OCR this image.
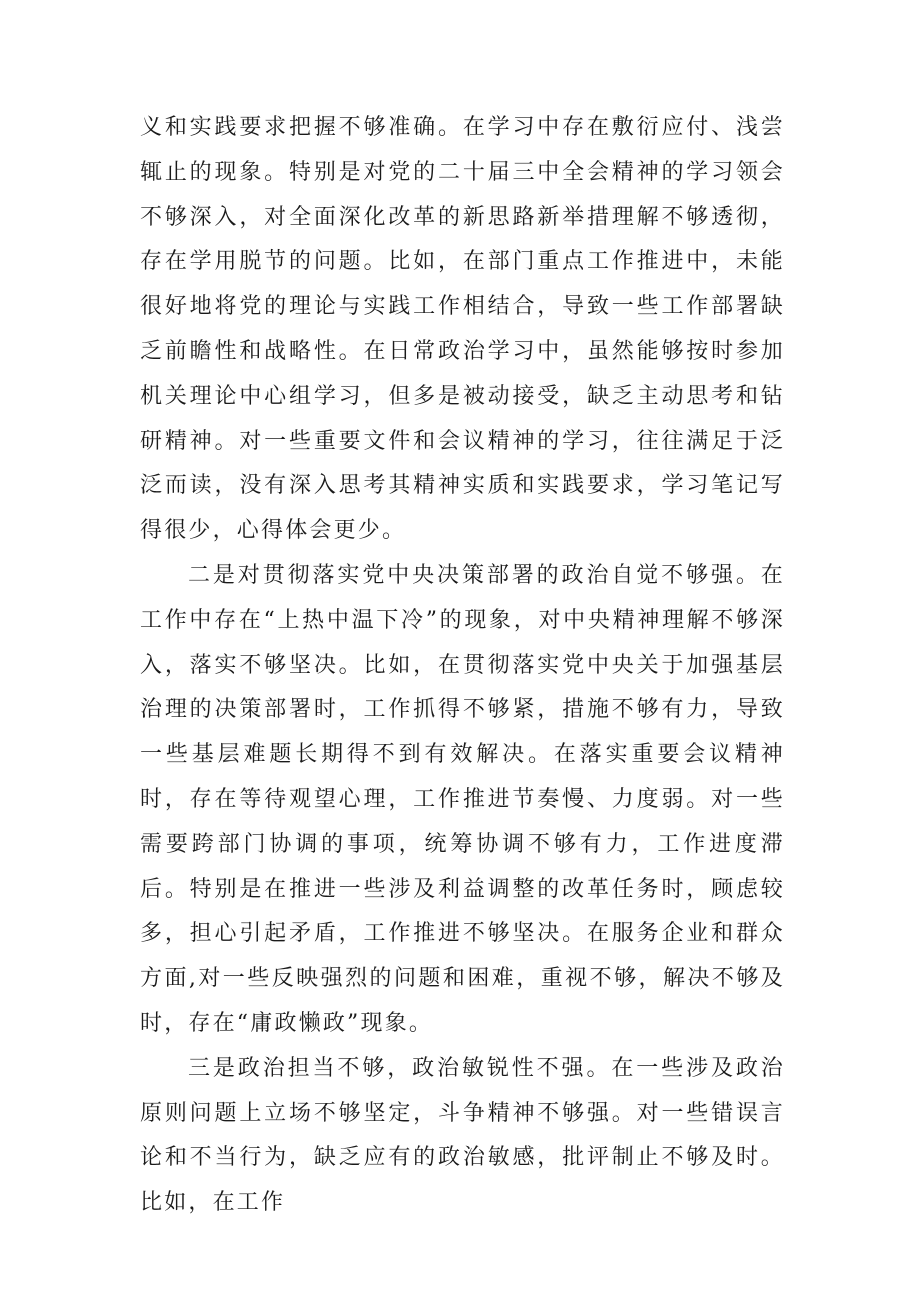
义和实践要求把握不够准确。在学习中存在敷衍应付、浅尝辄止的现象。特别是对党的二十届三中全会精神的学习领会不够深入，对全面深化改革的新思路新举措理解不够透彻，存在学用脱节的问题。比如，在部门重点工作推进中，未能很好地将党的理论与实践工作相结合，导致一些工作部署缺乏前瞻性和战略性。在日常政治学习中，虽然能够按时参加机关理论中心组学习，但多是被动接受，缺乏主动思考和钻研精神。对一些重要文件和会议精神的学习，往往满足于泛泛而读，没有深入思考其精神实质和实践要求，学习笔记写得很少，心得体会更少。

二是对贯彻落实党中央决策部署的政治自觉不够强。在工作中存在“上热中温下冷”的现象，对中央精神理解不够深入，落实不够坚决。比如，在贯彻落实党中央关于加强基层治理的决策部署时，工作抓得不够紧，措施不够有力，导致一些基层难题长期得不到有效解决。在落实重要会议精神时，存在等待观望心理，工作推进节奏慢、力度弱。对一些需要跨部门协调的事项，统筹协调不够有力，工作进度滞后。特别是在推进一些涉及利益调整的改革任务时，顾虑较多，担心引起矛盾，工作推进不够坚决。在服务企业和群众方面,对一些反映强烈的问题和困难，重视不够，解决不够及时，存在“庸政懒政”现象。

三是政治担当不够，政治敏锐性不强。在一些涉及政治原则问题上立场不够坚定，斗争精神不够强。对一些错误言论和不当行为，缺乏应有的政治敏感，批评制止不够及时。比如，在工作
